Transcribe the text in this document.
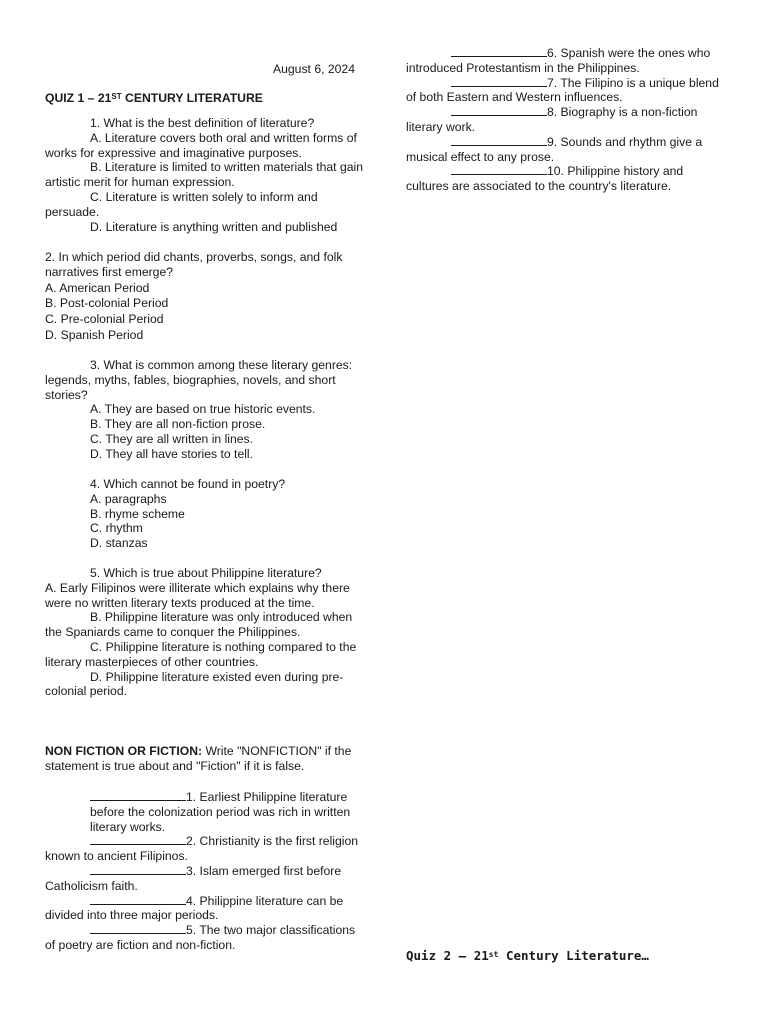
August 6, 2024
QUIZ 1 – 21ST CENTURY LITERATURE
1. What is the best definition of literature?
A. Literature covers both oral and written forms of works for expressive and imaginative purposes.
B. Literature is limited to written materials that gain artistic merit for human expression.
C. Literature is written solely to inform and persuade.
D. Literature is anything written and published
2. In which period did chants, proverbs, songs, and folk narratives first emerge?
A. American Period
B. Post-colonial Period
C. Pre-colonial Period
D. Spanish Period
3. What is common among these literary genres: legends, myths, fables, biographies, novels, and short stories?
A. They are based on true historic events.
B. They are all non-fiction prose.
C. They are all written in lines.
D. They all have stories to tell.
4. Which cannot be found in poetry?
A. paragraphs
B. rhyme scheme
C. rhythm
D. stanzas
5. Which is true about Philippine literature?
A. Early Filipinos were illiterate which explains why there were no written literary texts produced at the time.
B. Philippine literature was only introduced when the Spaniards came to conquer the Philippines.
C. Philippine literature is nothing compared to the literary masterpieces of other countries.
D. Philippine literature existed even during pre-colonial period.
NON FICTION OR FICTION: Write "NONFICTION" if the statement is true about and "Fiction" if it is false.
1. Earliest Philippine literature before the colonization period was rich in written literary works.
2. Christianity is the first religion known to ancient Filipinos.
3. Islam emerged first before Catholicism faith.
4. Philippine literature can be divided into three major periods.
5. The two major classifications of poetry are fiction and non-fiction.
6. Spanish were the ones who introduced Protestantism in the Philippines.
7. The Filipino is a unique blend of both Eastern and Western influences.
8. Biography is a non-fiction literary work.
9. Sounds and rhythm give a musical effect to any prose.
10. Philippine history and cultures are associated to the country's literature.
Quiz 2 – 21st Century Literature…
